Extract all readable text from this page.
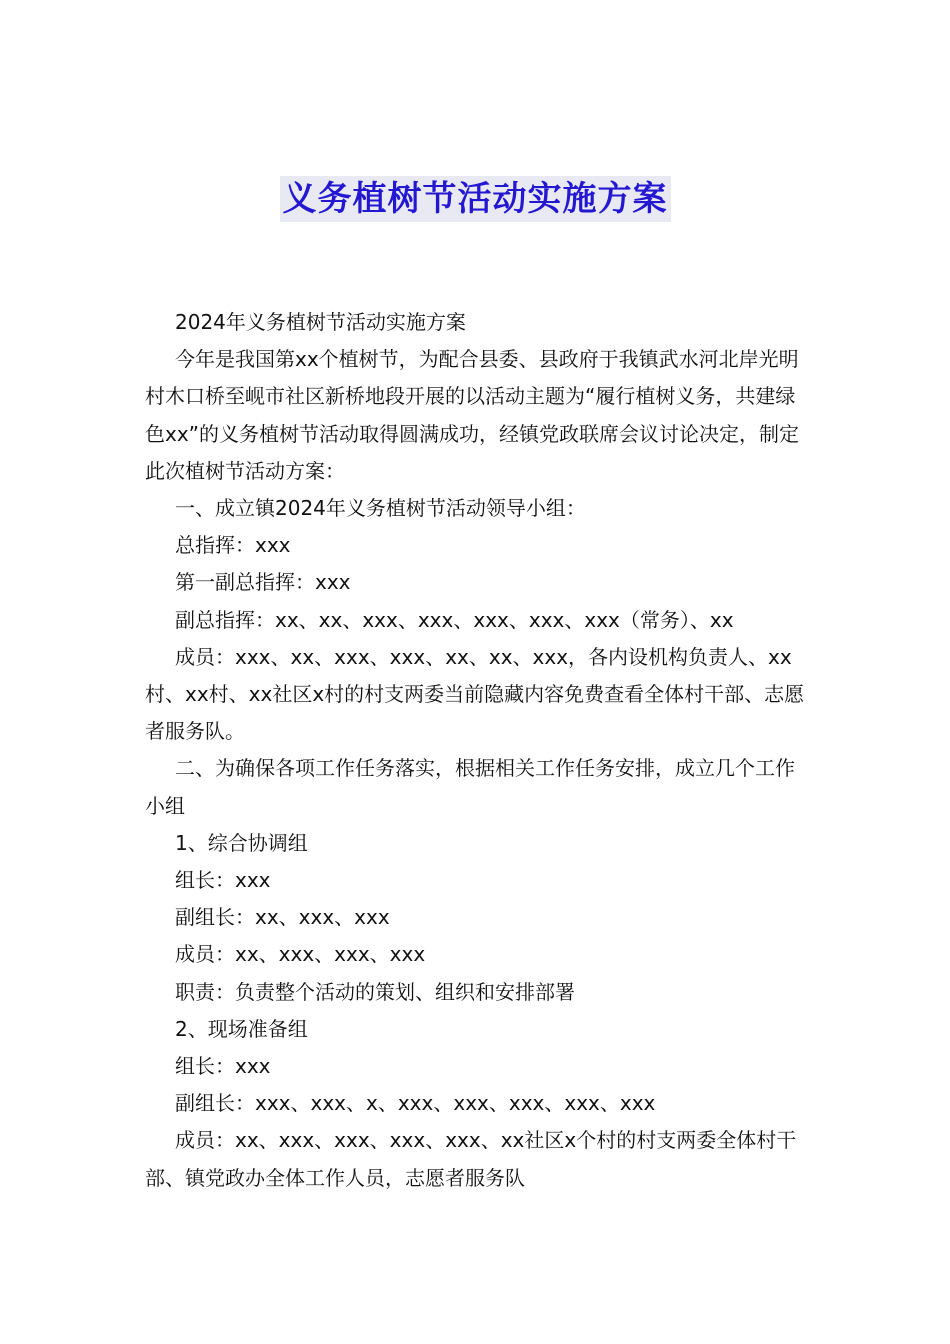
义务植树节活动实施方案

2024年义务植树节活动实施方案

今年是我国第xx个植树节，为配合县委、县政府于我镇武水河北岸光明村木口桥至岘市社区新桥地段开展的以活动主题为“履行植树义务，共建绿色xx”的义务植树节活动取得圆满成功，经镇党政联席会议讨论决定，制定此次植树节活动方案：

一、成立镇2024年义务植树节活动领导小组：

总指挥：xxx

第一副总指挥：xxx

副总指挥：xx、xx、xxx、xxx、xxx、xxx、xxx（常务）、xx

成员：xxx、xx、xxx、xxx、xx、xx、xxx，各内设机构负责人、xx村、xx村、xx社区x村的村支两委当前隐藏内容免费查看全体村干部、志愿者服务队。

二、为确保各项工作任务落实，根据相关工作任务安排，成立几个工作小组

1、综合协调组

组长：xxx

副组长：xx、xxx、xxx

成员：xx、xxx、xxx、xxx

职责：负责整个活动的策划、组织和安排部署

2、现场准备组

组长：xxx

副组长：xxx、xxx、x、xxx、xxx、xxx、xxx、xxx

成员：xx、xxx、xxx、xxx、xxx、xx社区x个村的村支两委全体村干部、镇党政办全体工作人员，志愿者服务队
